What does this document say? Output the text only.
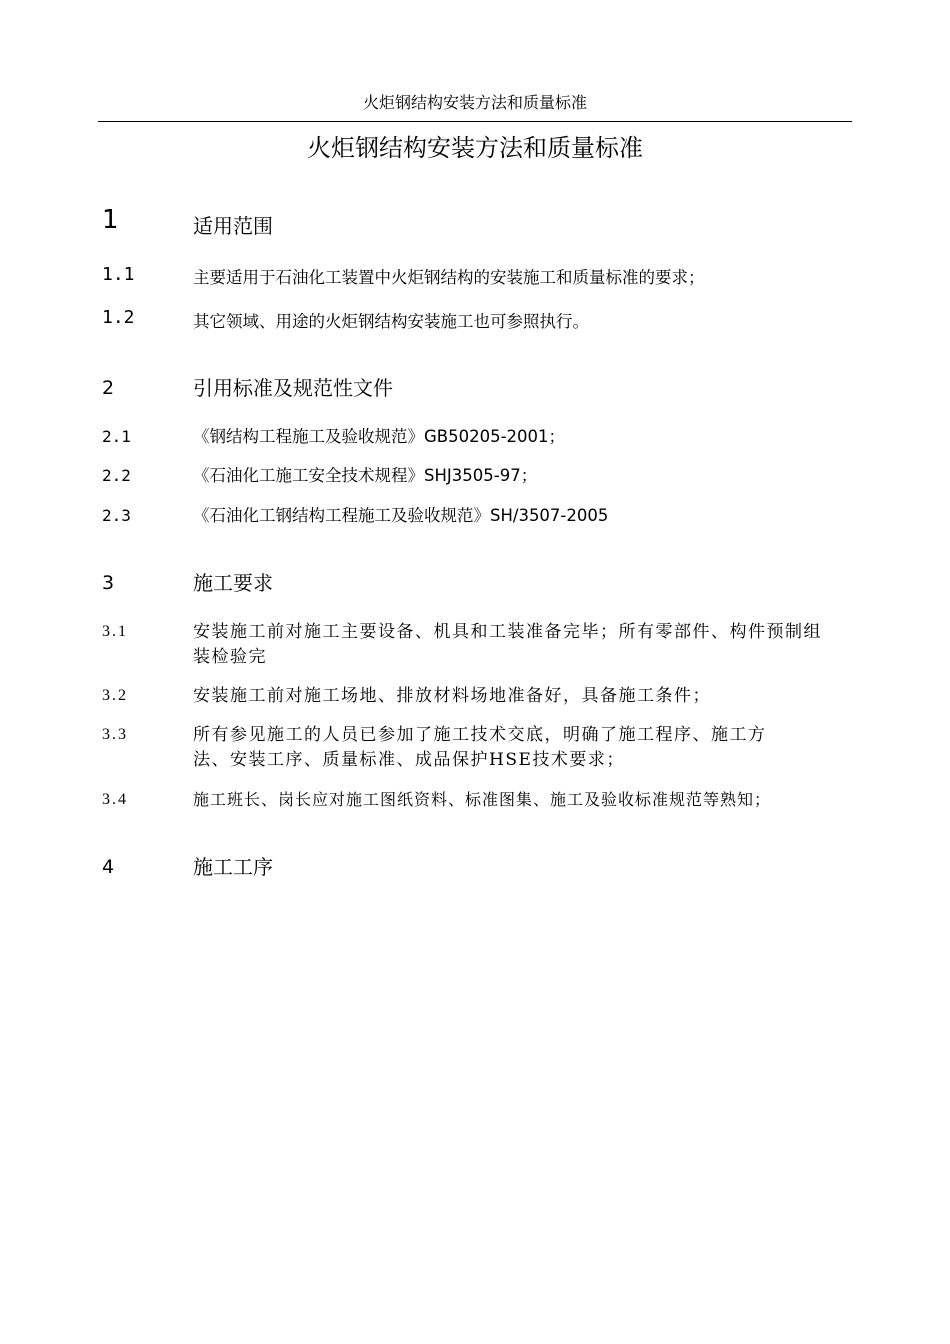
火炬钢结构安装方法和质量标准
火炬钢结构安装方法和质量标准
1	适用范围
1.1	主要适用于石油化工装置中火炬钢结构的安装施工和质量标准的要求；
1.2	其它领域、用途的火炬钢结构安装施工也可参照执行。
2	引用标准及规范性文件
2.1	《钢结构工程施工及验收规范》GB50205-2001；
2.2	《石油化工施工安全技术规程》SHJ3505-97；
2.3	《石油化工钢结构工程施工及验收规范》SH/3507-2005
3	施工要求
3.1	安装施工前对施工主要设备、机具和工装准备完毕；所有零部件、构件预制组
装检验完
3.2	安装施工前对施工场地、排放材料场地准备好，具备施工条件；
3.3	所有参见施工的人员已参加了施工技术交底，明确了施工程序、施工方
法、安装工序、质量标准、成品保护HSE技术要求；
3.4	施工班长、岗长应对施工图纸资料、标准图集、施工及验收标准规范等熟知；
4	施工工序
